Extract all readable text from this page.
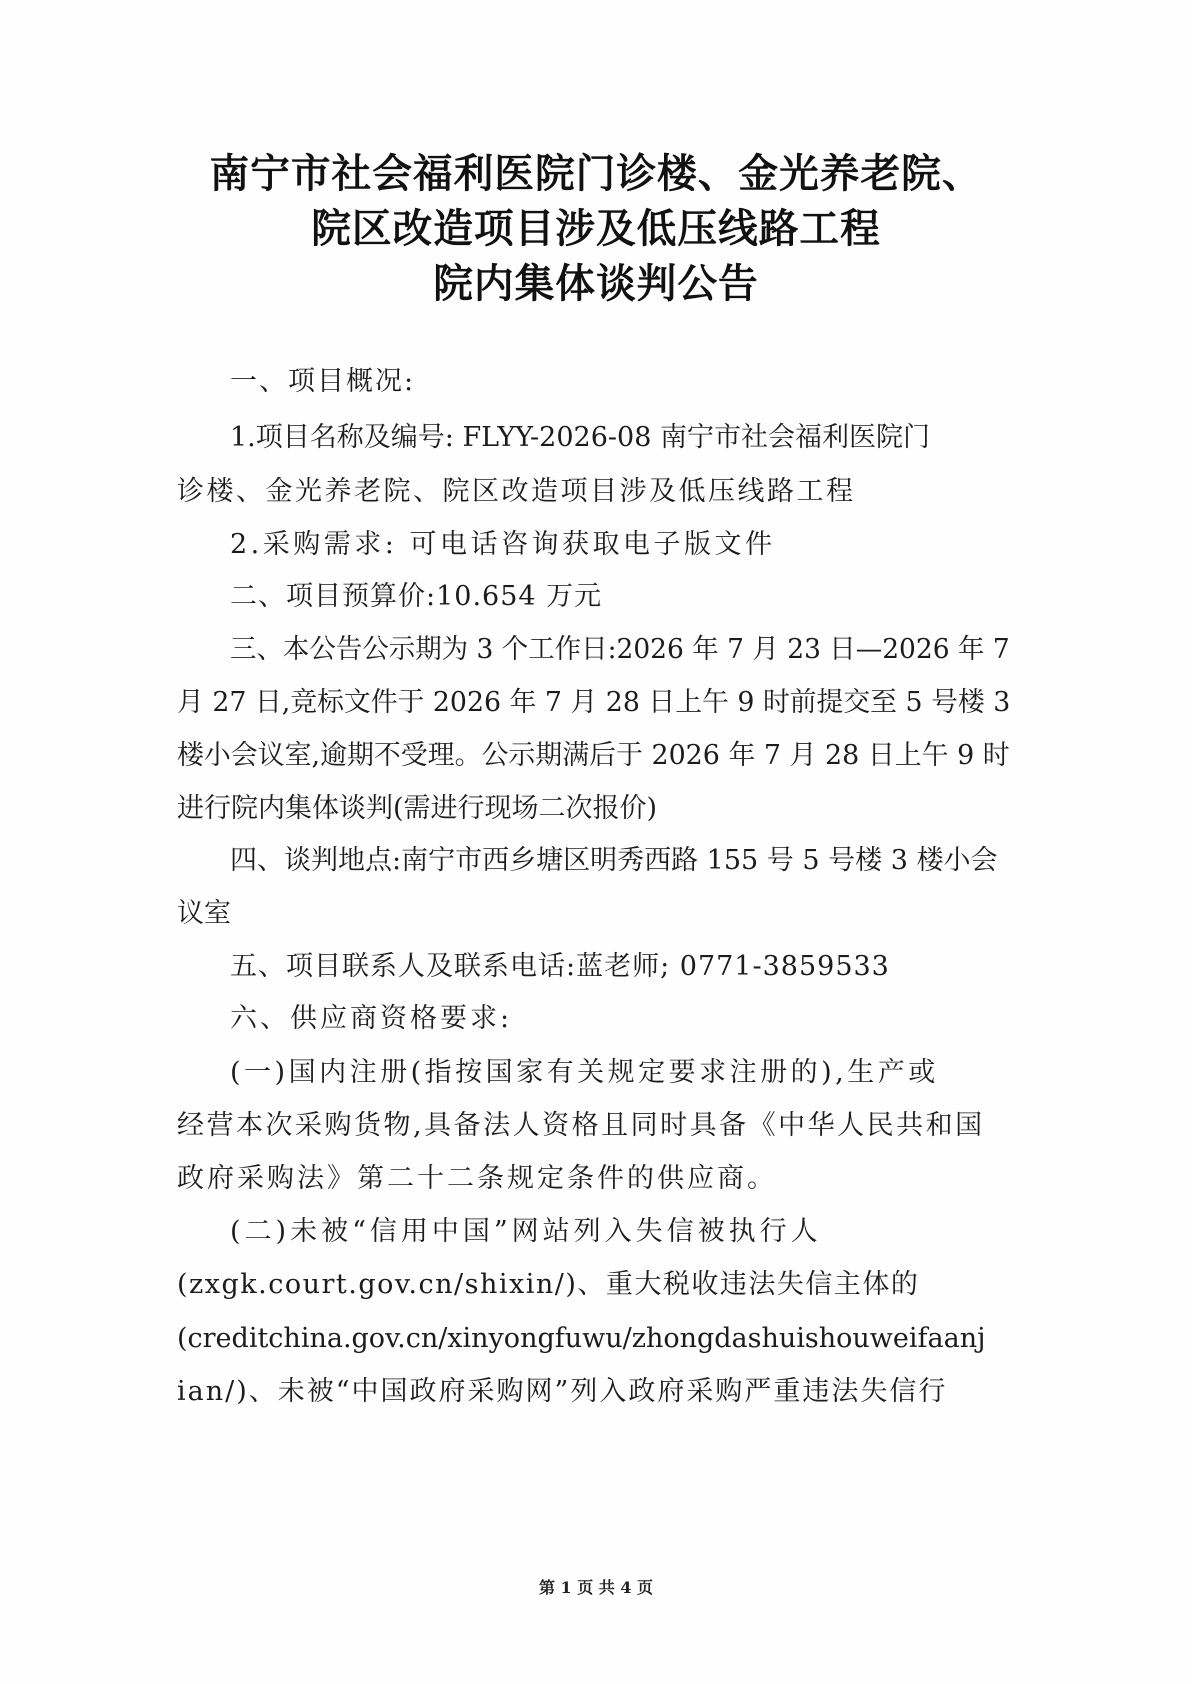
南宁市社会福利医院门诊楼、金光养老院、
院区改造项目涉及低压线路工程
院内集体谈判公告
一、项目概况:
1.项目名称及编号: FLYY-2026-08 南宁市社会福利医院门
诊楼、金光养老院、院区改造项目涉及低压线路工程
2.采购需求: 可电话咨询获取电子版文件
二、项目预算价:10.654 万元
三、本公告公示期为 3 个工作日:2026 年 7 月 23 日—2026 年 7
月 27 日,竞标文件于 2026 年 7 月 28 日上午 9 时前提交至 5 号楼 3
楼小会议室,逾期不受理。公示期满后于 2026 年 7 月 28 日上午 9 时
进行院内集体谈判(需进行现场二次报价)
四、谈判地点:南宁市西乡塘区明秀西路 155 号 5 号楼 3 楼小会
议室
五、项目联系人及联系电话:蓝老师; 0771-3859533
六、供应商资格要求:
(一)国内注册(指按国家有关规定要求注册的),生产或
经营本次采购货物,具备法人资格且同时具备《中华人民共和国
政府采购法》第二十二条规定条件的供应商。
(二)未被“信用中国”网站列入失信被执行人
(zxgk.court.gov.cn/shixin/)、重大税收违法失信主体的
(creditchina.gov.cn/xinyongfuwu/zhongdashuishouweifaanj
ian/)、未被“中国政府采购网”列入政府采购严重违法失信行
第 1 页 共 4 页
